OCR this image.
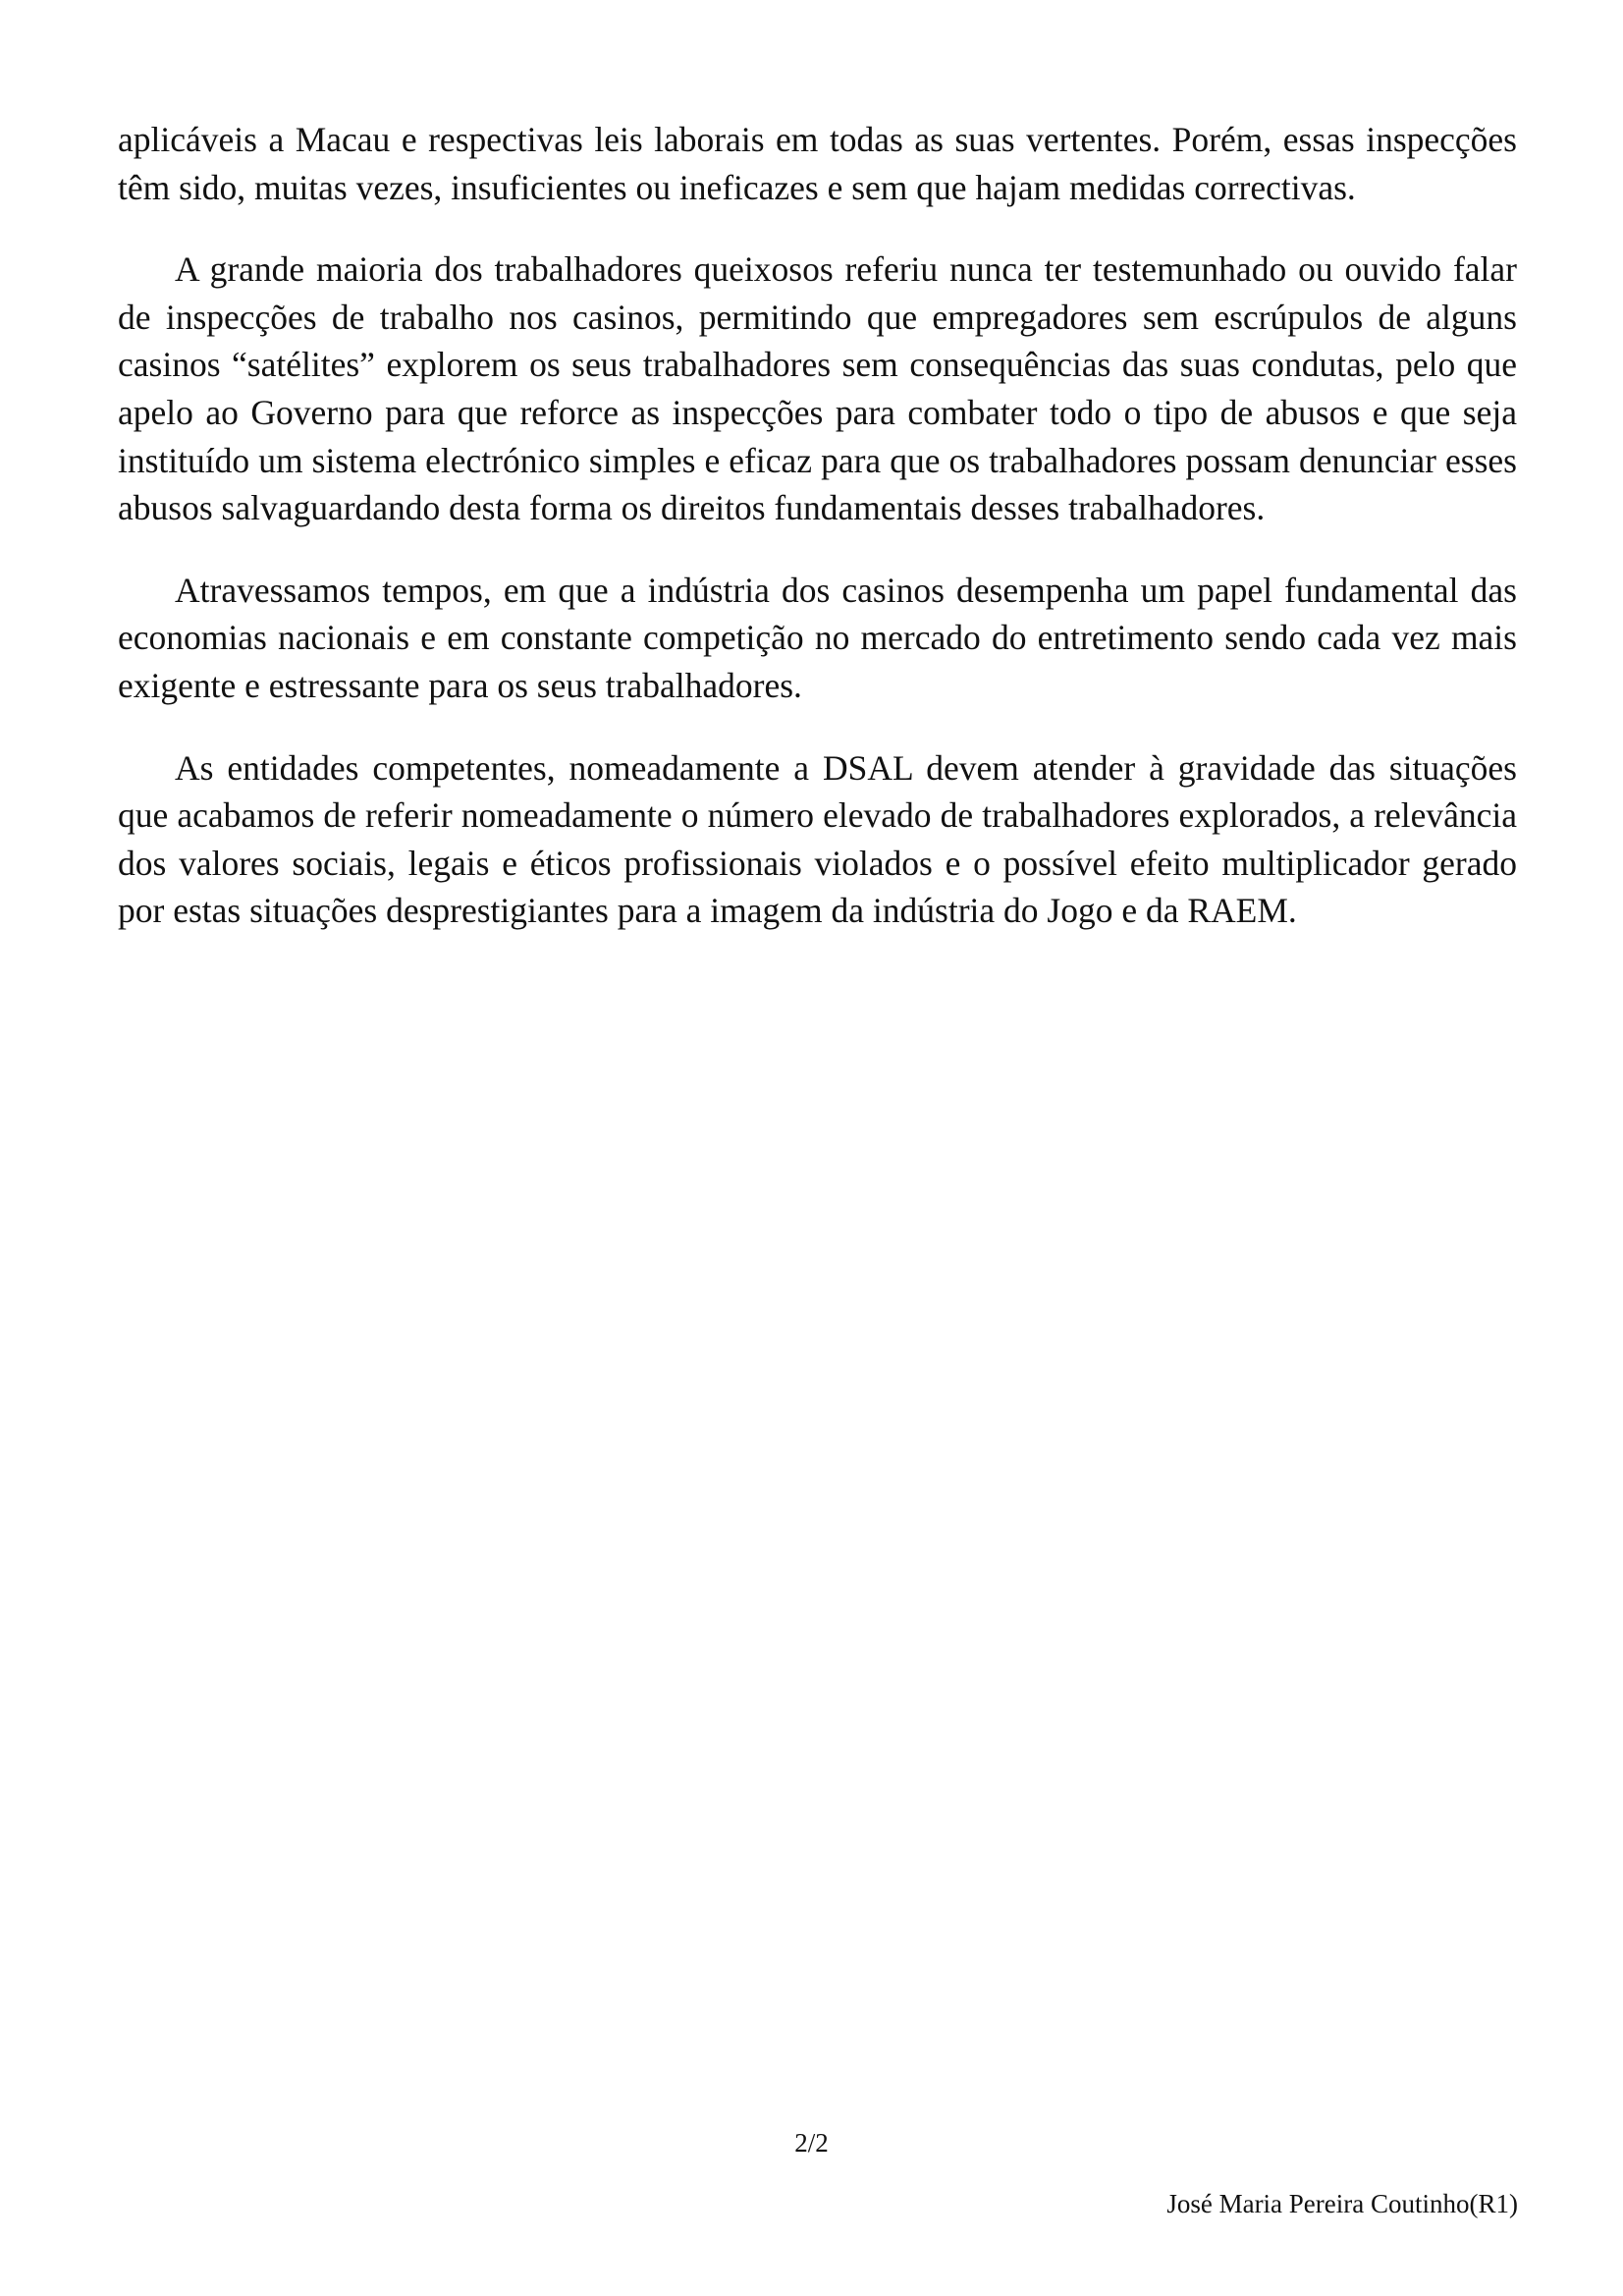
aplicáveis a Macau e respectivas leis laborais em todas as suas vertentes. Porém, essas inspecções têm sido, muitas vezes, insuficientes ou ineficazes e sem que hajam medidas correctivas.

A grande maioria dos trabalhadores queixosos referiu nunca ter testemunhado ou ouvido falar de inspecções de trabalho nos casinos, permitindo que empregadores sem escrúpulos de alguns casinos “satélites” explorem os seus trabalhadores sem consequências das suas condutas, pelo que apelo ao Governo para que reforce as inspecções para combater todo o tipo de abusos e que seja instituído um sistema electrónico simples e eficaz para que os trabalhadores possam denunciar esses abusos salvaguardando desta forma os direitos fundamentais desses trabalhadores.

Atravessamos tempos, em que a indústria dos casinos desempenha um papel fundamental das economias nacionais e em constante competição no mercado do entretimento sendo cada vez mais exigente e estressante para os seus trabalhadores.

As entidades competentes, nomeadamente a DSAL devem atender à gravidade das situações que acabamos de referir nomeadamente o número elevado de trabalhadores explorados, a relevância dos valores sociais, legais e éticos profissionais violados e o possível efeito multiplicador gerado por estas situações desprestigiantes para a imagem da indústria do Jogo e da RAEM.

2/2
José Maria Pereira Coutinho(R1)
